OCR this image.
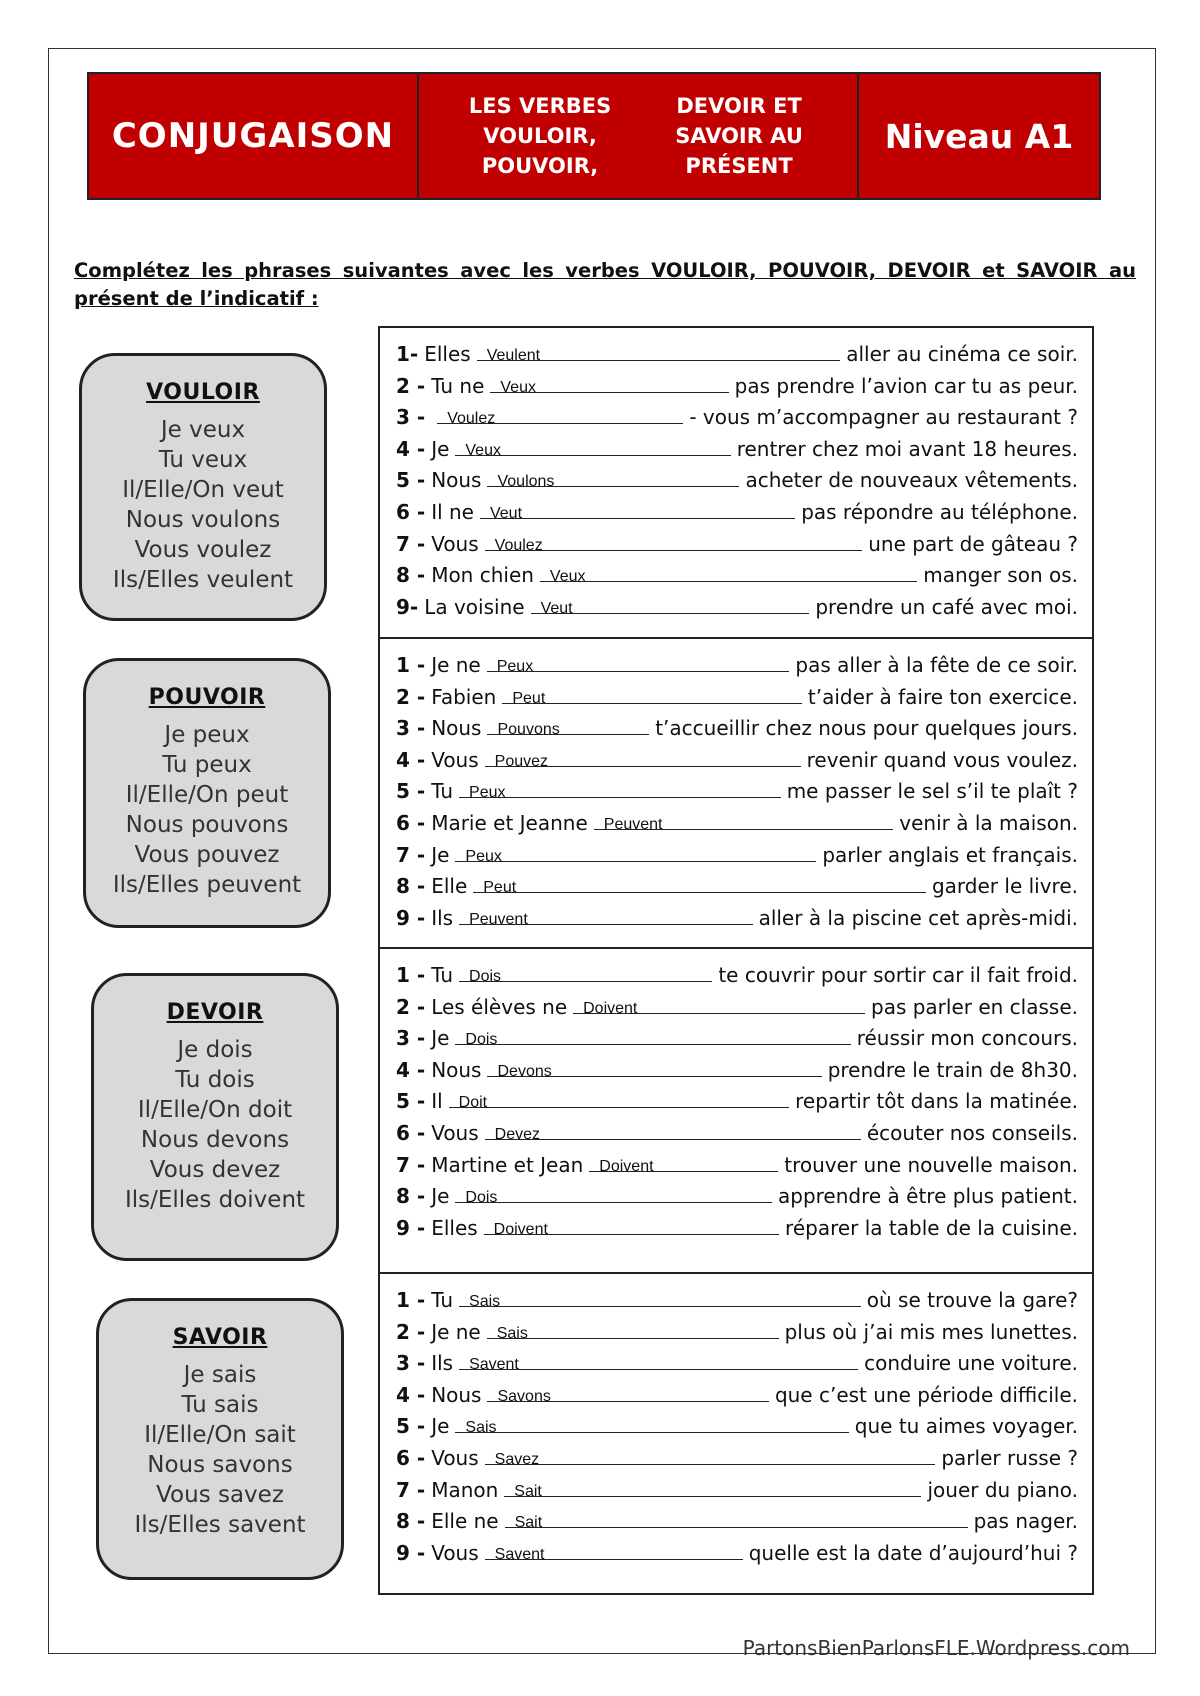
CONJUGAISON
LES VERBES VOULOIR, POUVOIR,
DEVOIR ET SAVOIR AU PRÉSENT
Niveau A1
Complétez les phrases suivantes avec les verbes VOULOIR, POUVOIR, DEVOIR et SAVOIR au présent de l’indicatif :
VOULOIR
Je veux
Tu veux
Il/Elle/On veut
Nous voulons
Vous voulez
Ils/Elles veulent
POUVOIR
Je peux
Tu peux
Il/Elle/On peut
Nous pouvons
Vous pouvez
Ils/Elles peuvent
DEVOIR
Je dois
Tu dois
Il/Elle/On doit
Nous devons
Vous devez
Ils/Elles doivent
SAVOIR
Je sais
Tu sais
Il/Elle/On sait
Nous savons
Vous savez
Ils/Elles savent
1- Elles Veulent	aller au cinéma ce soir.
2 - Tu ne Veux	pas prendre l’avion car tu as peur.
3 - Voulez	- vous m’accompagner au restaurant ?
4 - Je Veux	rentrer chez moi avant 18 heures.
5 - Nous Voulons	acheter de nouveaux vêtements.
6 - Il ne Veut	pas répondre au téléphone.
7 - Vous Voulez	une part de gâteau ?
8 - Mon chien Veux	manger son os.
9- La voisine Veut	prendre un café avec moi.
1 - Je ne Peux	pas aller à la fête de ce soir.
2 - Fabien Peut	t’aider à faire ton exercice.
3 - Nous Pouvons	t’accueillir chez nous pour quelques jours.
4 - Vous Pouvez	revenir quand vous voulez.
5 - Tu Peux	me passer le sel s’il te plaît ?
6 - Marie et Jeanne Peuvent	venir à la maison.
7 - Je Peux	parler anglais et français.
8 - Elle Peut	garder le livre.
9 - Ils Peuvent	aller à la piscine cet après-midi.
1 - Tu Dois	te couvrir pour sortir car il fait froid.
2 - Les élèves ne Doivent	pas parler en classe.
3 - Je Dois	réussir mon concours.
4 - Nous Devons	prendre le train de 8h30.
5 - Il Doit	repartir tôt dans la matinée.
6 - Vous Devez	écouter nos conseils.
7 - Martine et Jean Doivent	trouver une nouvelle maison.
8 - Je Dois	apprendre à être plus patient.
9 - Elles Doivent	réparer la table de la cuisine.
1 - Tu Sais	où se trouve la gare?
2 - Je ne Sais	plus où j’ai mis mes lunettes.
3 - Ils Savent	conduire une voiture.
4 - Nous Savons	que c’est une période difficile.
5 - Je Sais	que tu aimes voyager.
6 - Vous Savez	parler russe ?
7 - Manon Sait	jouer du piano.
8 - Elle ne Sait	pas nager.
9 - Vous Savent	quelle est la date d’aujourd’hui ?
PartonsBienParlonsFLE.Wordpress.com
